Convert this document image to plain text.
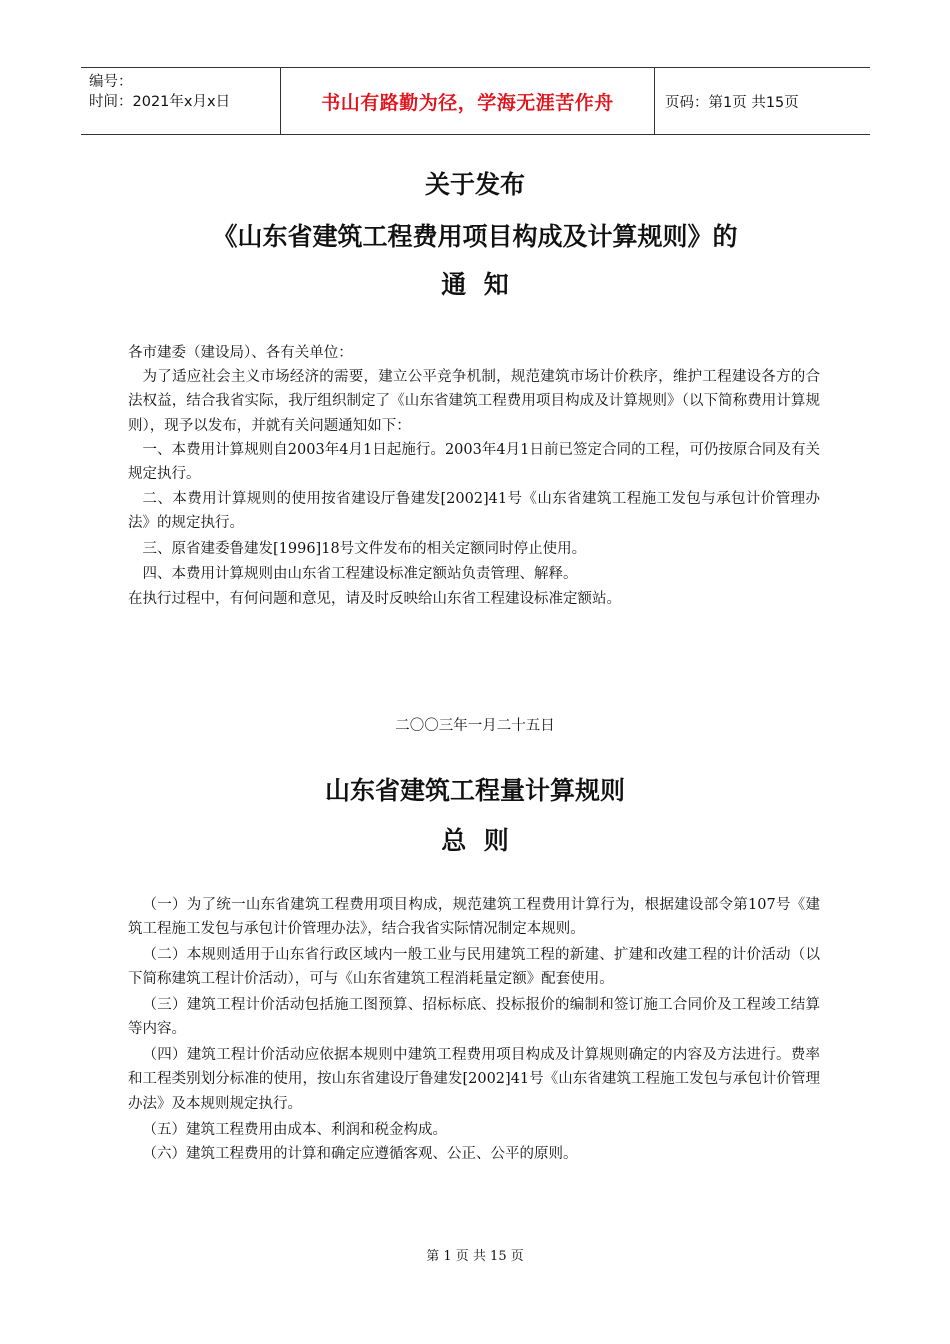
编号：
时间：2021年x月x日	书山有路勤为径，学海无涯苦作舟	页码：第1页 共15页
关于发布
《山东省建筑工程费用项目构成及计算规则》的
通  知

各市建委（建设局）、各有关单位：

为了适应社会主义市场经济的需要，建立公平竞争机制，规范建筑市场计价秩序，维护工程建设各方的合法权益，结合我省实际，我厅组织制定了《山东省建筑工程费用项目构成及计算规则》（以下简称费用计算规则），现予以发布，并就有关问题通知如下：

一、本费用计算规则自2003年4月1日起施行。2003年4月1日前已签定合同的工程，可仍按原合同及有关规定执行。

二、本费用计算规则的使用按省建设厅鲁建发[2002]41号《山东省建筑工程施工发包与承包计价管理办法》的规定执行。

三、原省建委鲁建发[1996]18号文件发布的相关定额同时停止使用。

四、本费用计算规则由山东省工程建设标准定额站负责管理、解释。

在执行过程中，有何问题和意见，请及时反映给山东省工程建设标准定额站。

二〇〇三年一月二十五日

山东省建筑工程量计算规则
总  则

（一）为了统一山东省建筑工程费用项目构成，规范建筑工程费用计算行为，根据建设部令第107号《建筑工程施工发包与承包计价管理办法》，结合我省实际情况制定本规则。

（二）本规则适用于山东省行政区域内一般工业与民用建筑工程的新建、扩建和改建工程的计价活动（以下简称建筑工程计价活动），可与《山东省建筑工程消耗量定额》配套使用。

（三）建筑工程计价活动包括施工图预算、招标标底、投标报价的编制和签订施工合同价及工程竣工结算等内容。

（四）建筑工程计价活动应依据本规则中建筑工程费用项目构成及计算规则确定的内容及方法进行。费率和工程类别划分标准的使用，按山东省建设厅鲁建发[2002]41号《山东省建筑工程施工发包与承包计价管理办法》及本规则规定执行。

（五）建筑工程费用由成本、利润和税金构成。

（六）建筑工程费用的计算和确定应遵循客观、公正、公平的原则。

第 1 页 共 15 页
